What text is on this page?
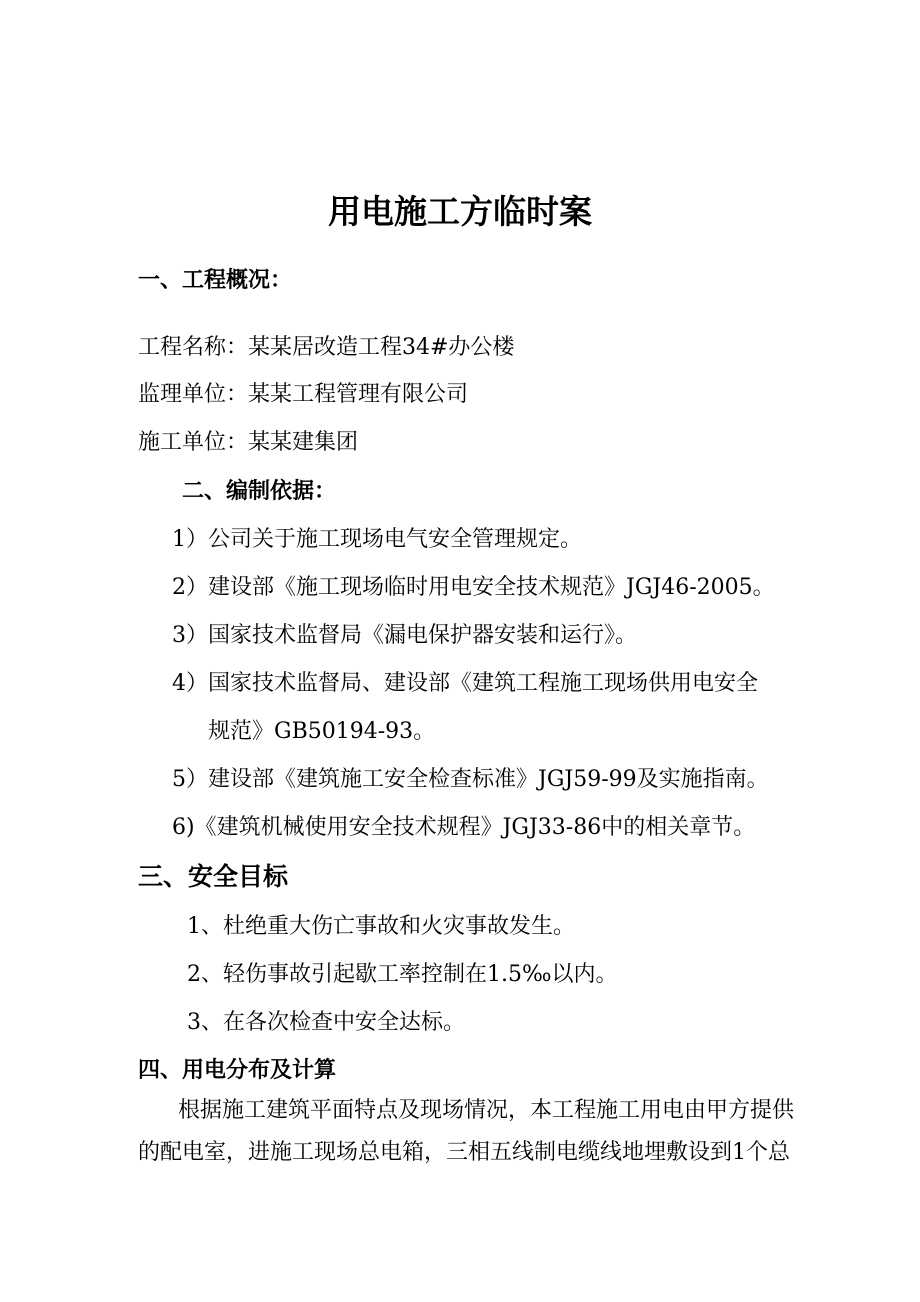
用电施工方临时案
一、工程概况：
工程名称：某某居改造工程34#办公楼
监理单位：某某工程管理有限公司
施工单位：某某建集团
二、编制依据：
1）公司关于施工现场电气安全管理规定。
2）建设部《施工现场临时用电安全技术规范》JGJ46-2005。
3）国家技术监督局《漏电保护器安装和运行》。
4）国家技术监督局、建设部《建筑工程施工现场供用电安全
规范》GB50194-93。
5）建设部《建筑施工安全检查标准》JGJ59-99及实施指南。
6)《建筑机械使用安全技术规程》JGJ33-86中的相关章节。
三、安全目标
1、杜绝重大伤亡事故和火灾事故发生。
2、轻伤事故引起歇工率控制在1.5‰以内。
3、在各次检查中安全达标。
四、用电分布及计算
根据施工建筑平面特点及现场情况，本工程施工用电由甲方提供
的配电室，进施工现场总电箱，三相五线制电缆线地埋敷设到1个总
